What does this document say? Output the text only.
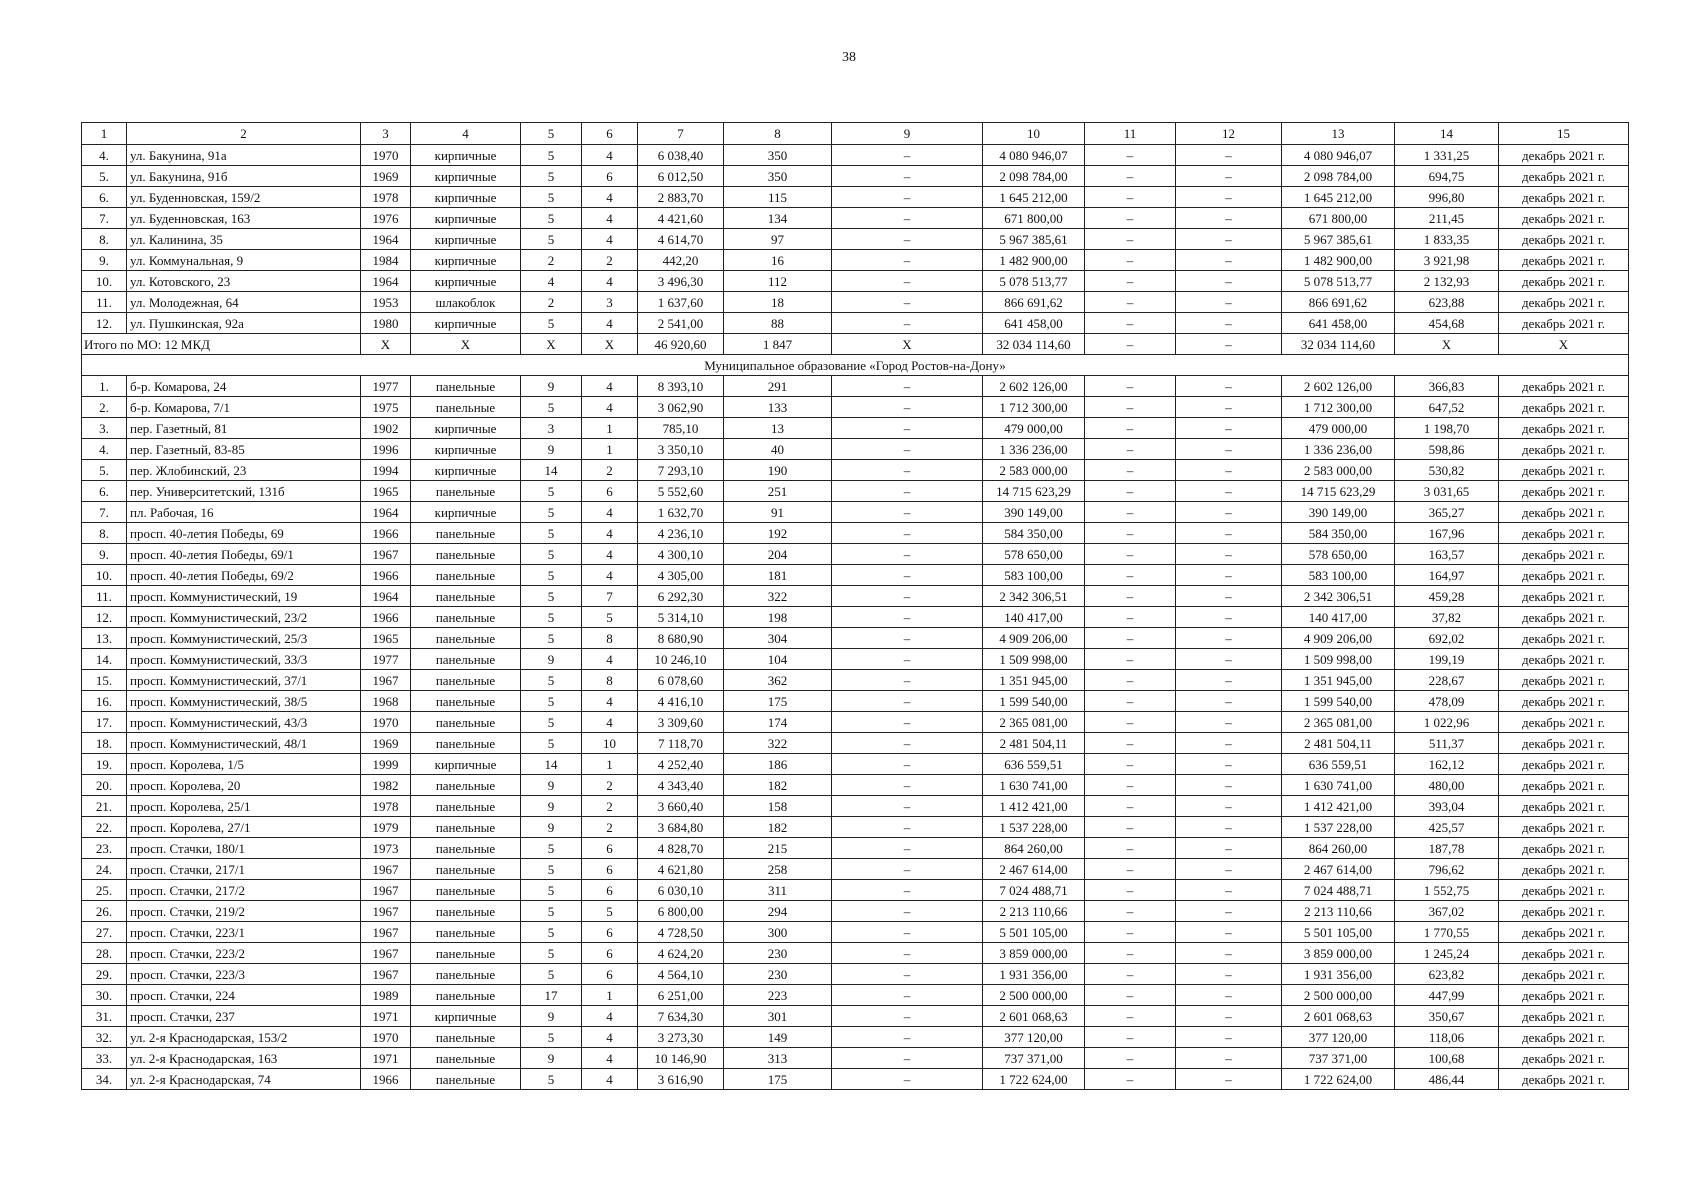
38
1	2	3	4	5	6	7	8	9	10	11	12	13	14	15
4.	ул. Бакунина, 91а	1970	кирпичные	5	4	6 038,40	350	–	4 080 946,07	–	–	4 080 946,07	1 331,25	декабрь 2021 г.
5.	ул. Бакунина, 91б	1969	кирпичные	5	6	6 012,50	350	–	2 098 784,00	–	–	2 098 784,00	694,75	декабрь 2021 г.
6.	ул. Буденновская, 159/2	1978	кирпичные	5	4	2 883,70	115	–	1 645 212,00	–	–	1 645 212,00	996,80	декабрь 2021 г.
7.	ул. Буденновская, 163	1976	кирпичные	5	4	4 421,60	134	–	671 800,00	–	–	671 800,00	211,45	декабрь 2021 г.
8.	ул. Калинина, 35	1964	кирпичные	5	4	4 614,70	97	–	5 967 385,61	–	–	5 967 385,61	1 833,35	декабрь 2021 г.
9.	ул. Коммунальная, 9	1984	кирпичные	2	2	442,20	16	–	1 482 900,00	–	–	1 482 900,00	3 921,98	декабрь 2021 г.
10.	ул. Котовского, 23	1964	кирпичные	4	4	3 496,30	112	–	5 078 513,77	–	–	5 078 513,77	2 132,93	декабрь 2021 г.
11.	ул. Молодежная, 64	1953	шлакоблок	2	3	1 637,60	18	–	866 691,62	–	–	866 691,62	623,88	декабрь 2021 г.
12.	ул. Пушкинская, 92а	1980	кирпичные	5	4	2 541,00	88	–	641 458,00	–	–	641 458,00	454,68	декабрь 2021 г.
Итого по МО: 12 МКД		X	X	X	X	46 920,60	1 847	X	32 034 114,60	–	–	32 034 114,60	X	X
Муниципальное образование «Город Ростов-на-Дону»														
1.	б-р. Комарова, 24	1977	панельные	9	4	8 393,10	291	–	2 602 126,00	–	–	2 602 126,00	366,83	декабрь 2021 г.
2.	б-р. Комарова, 7/1	1975	панельные	5	4	3 062,90	133	–	1 712 300,00	–	–	1 712 300,00	647,52	декабрь 2021 г.
3.	пер. Газетный, 81	1902	кирпичные	3	1	785,10	13	–	479 000,00	–	–	479 000,00	1 198,70	декабрь 2021 г.
4.	пер. Газетный, 83-85	1996	кирпичные	9	1	3 350,10	40	–	1 336 236,00	–	–	1 336 236,00	598,86	декабрь 2021 г.
5.	пер. Жлобинский, 23	1994	кирпичные	14	2	7 293,10	190	–	2 583 000,00	–	–	2 583 000,00	530,82	декабрь 2021 г.
6.	пер. Университетский, 131б	1965	панельные	5	6	5 552,60	251	–	14 715 623,29	–	–	14 715 623,29	3 031,65	декабрь 2021 г.
7.	пл. Рабочая, 16	1964	кирпичные	5	4	1 632,70	91	–	390 149,00	–	–	390 149,00	365,27	декабрь 2021 г.
8.	просп. 40-летия Победы, 69	1966	панельные	5	4	4 236,10	192	–	584 350,00	–	–	584 350,00	167,96	декабрь 2021 г.
9.	просп. 40-летия Победы, 69/1	1967	панельные	5	4	4 300,10	204	–	578 650,00	–	–	578 650,00	163,57	декабрь 2021 г.
10.	просп. 40-летия Победы, 69/2	1966	панельные	5	4	4 305,00	181	–	583 100,00	–	–	583 100,00	164,97	декабрь 2021 г.
11.	просп. Коммунистический, 19	1964	панельные	5	7	6 292,30	322	–	2 342 306,51	–	–	2 342 306,51	459,28	декабрь 2021 г.
12.	просп. Коммунистический, 23/2	1966	панельные	5	5	5 314,10	198	–	140 417,00	–	–	140 417,00	37,82	декабрь 2021 г.
13.	просп. Коммунистический, 25/3	1965	панельные	5	8	8 680,90	304	–	4 909 206,00	–	–	4 909 206,00	692,02	декабрь 2021 г.
14.	просп. Коммунистический, 33/3	1977	панельные	9	4	10 246,10	104	–	1 509 998,00	–	–	1 509 998,00	199,19	декабрь 2021 г.
15.	просп. Коммунистический, 37/1	1967	панельные	5	8	6 078,60	362	–	1 351 945,00	–	–	1 351 945,00	228,67	декабрь 2021 г.
16.	просп. Коммунистический, 38/5	1968	панельные	5	4	4 416,10	175	–	1 599 540,00	–	–	1 599 540,00	478,09	декабрь 2021 г.
17.	просп. Коммунистический, 43/3	1970	панельные	5	4	3 309,60	174	–	2 365 081,00	–	–	2 365 081,00	1 022,96	декабрь 2021 г.
18.	просп. Коммунистический, 48/1	1969	панельные	5	10	7 118,70	322	–	2 481 504,11	–	–	2 481 504,11	511,37	декабрь 2021 г.
19.	просп. Королева, 1/5	1999	кирпичные	14	1	4 252,40	186	–	636 559,51	–	–	636 559,51	162,12	декабрь 2021 г.
20.	просп. Королева, 20	1982	панельные	9	2	4 343,40	182	–	1 630 741,00	–	–	1 630 741,00	480,00	декабрь 2021 г.
21.	просп. Королева, 25/1	1978	панельные	9	2	3 660,40	158	–	1 412 421,00	–	–	1 412 421,00	393,04	декабрь 2021 г.
22.	просп. Королева, 27/1	1979	панельные	9	2	3 684,80	182	–	1 537 228,00	–	–	1 537 228,00	425,57	декабрь 2021 г.
23.	просп. Стачки, 180/1	1973	панельные	5	6	4 828,70	215	–	864 260,00	–	–	864 260,00	187,78	декабрь 2021 г.
24.	просп. Стачки, 217/1	1967	панельные	5	6	4 621,80	258	–	2 467 614,00	–	–	2 467 614,00	796,62	декабрь 2021 г.
25.	просп. Стачки, 217/2	1967	панельные	5	6	6 030,10	311	–	7 024 488,71	–	–	7 024 488,71	1 552,75	декабрь 2021 г.
26.	просп. Стачки, 219/2	1967	панельные	5	5	6 800,00	294	–	2 213 110,66	–	–	2 213 110,66	367,02	декабрь 2021 г.
27.	просп. Стачки, 223/1	1967	панельные	5	6	4 728,50	300	–	5 501 105,00	–	–	5 501 105,00	1 770,55	декабрь 2021 г.
28.	просп. Стачки, 223/2	1967	панельные	5	6	4 624,20	230	–	3 859 000,00	–	–	3 859 000,00	1 245,24	декабрь 2021 г.
29.	просп. Стачки, 223/3	1967	панельные	5	6	4 564,10	230	–	1 931 356,00	–	–	1 931 356,00	623,82	декабрь 2021 г.
30.	просп. Стачки, 224	1989	панельные	17	1	6 251,00	223	–	2 500 000,00	–	–	2 500 000,00	447,99	декабрь 2021 г.
31.	просп. Стачки, 237	1971	кирпичные	9	4	7 634,30	301	–	2 601 068,63	–	–	2 601 068,63	350,67	декабрь 2021 г.
32.	ул. 2-я Краснодарская, 153/2	1970	панельные	5	4	3 273,30	149	–	377 120,00	–	–	377 120,00	118,06	декабрь 2021 г.
33.	ул. 2-я Краснодарская, 163	1971	панельные	9	4	10 146,90	313	–	737 371,00	–	–	737 371,00	100,68	декабрь 2021 г.
34.	ул. 2-я Краснодарская, 74	1966	панельные	5	4	3 616,90	175	–	1 722 624,00	–	–	1 722 624,00	486,44	декабрь 2021 г.
